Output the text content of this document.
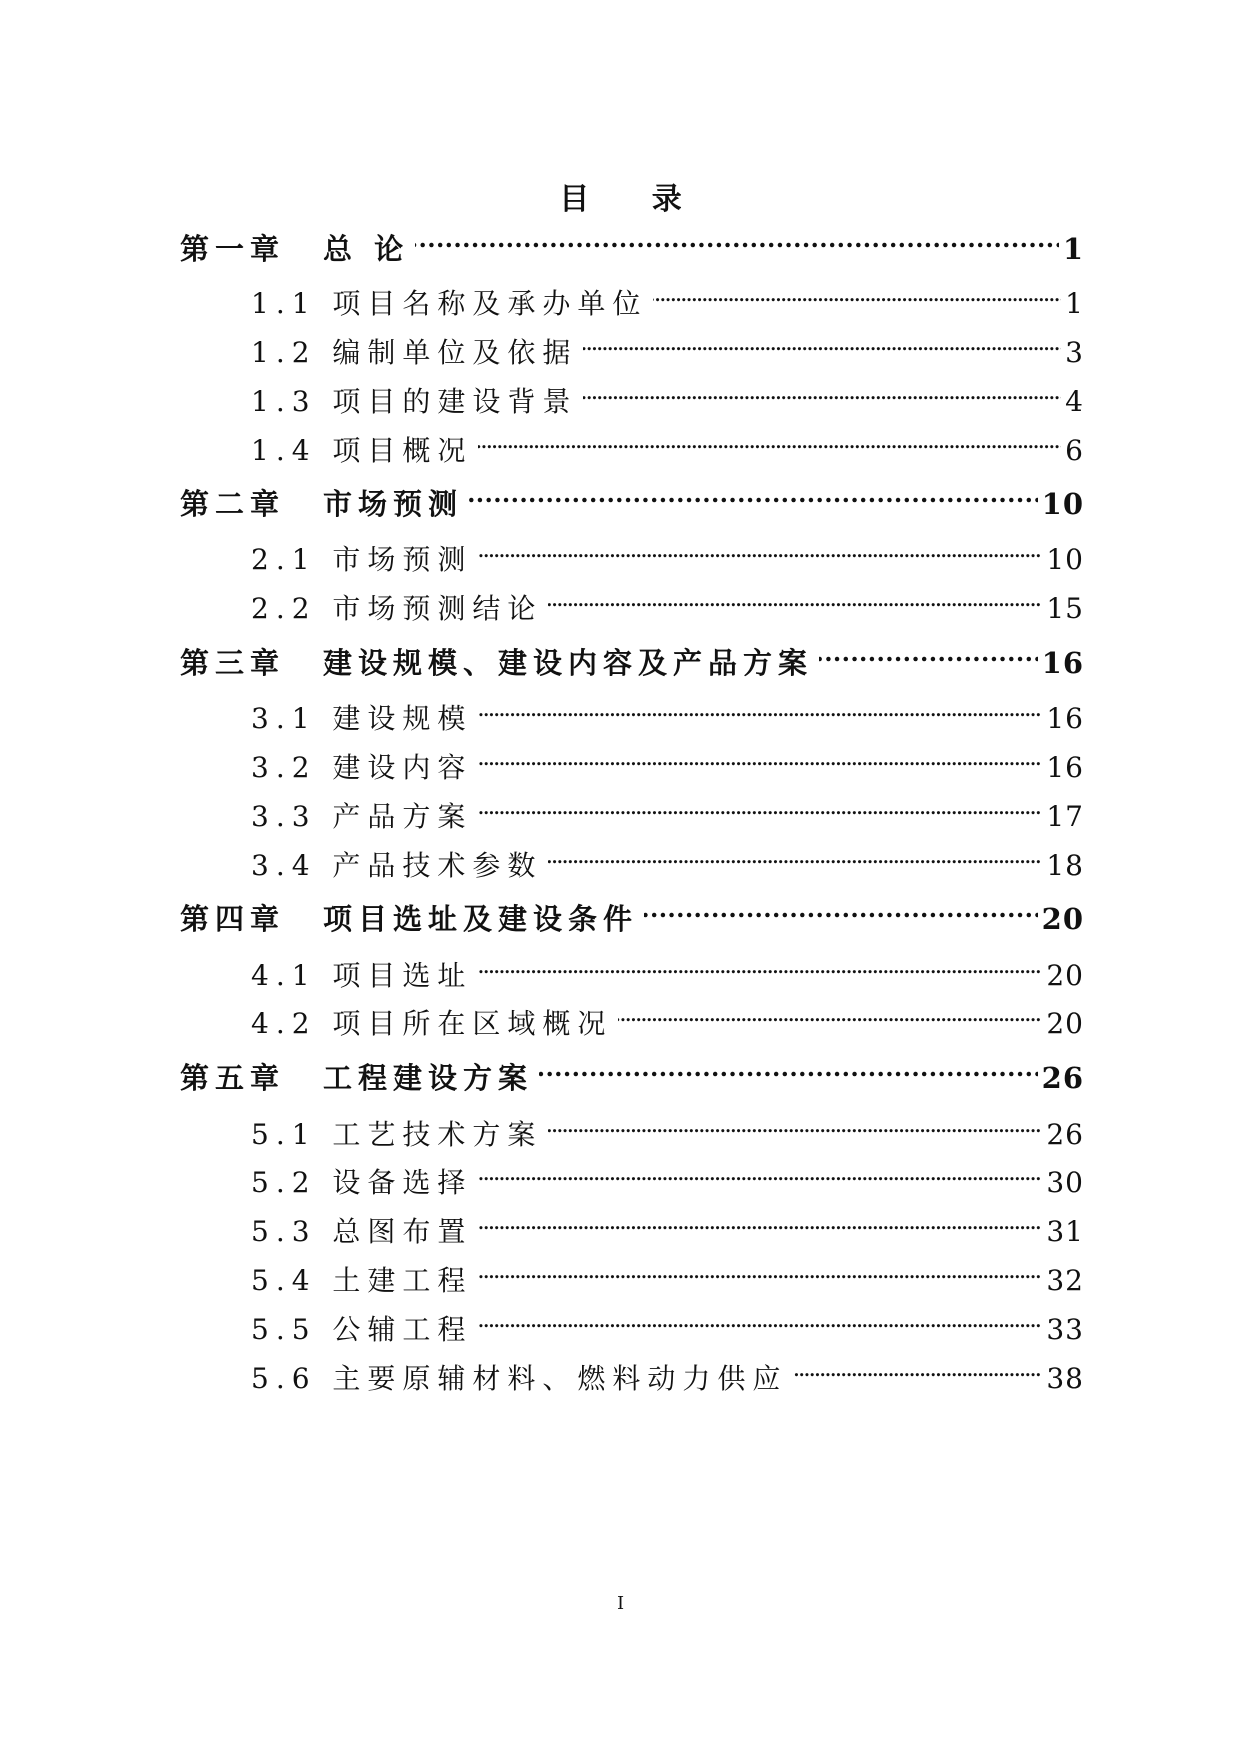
目 录
第一章 总 论 . . .	1
1.1 项目名称及承办单位 . . .	1
1.2 编制单位及依据 . . .	3
1.3 项目的建设背景 . . .	4
1.4 项目概况 . . .	6
第二章 市场预测 . . .	10
2.1 市场预测 . . .	10
2.2 市场预测结论 . . .	15
第三章 建设规模、建设内容及产品方案 . . .	16
3.1 建设规模 . . .	16
3.2 建设内容 . . .	16
3.3 产品方案 . . .	17
3.4 产品技术参数 . . .	18
第四章 项目选址及建设条件 . . .	20
4.1 项目选址 . . .	20
4.2 项目所在区域概况 . . .	20
第五章 工程建设方案 . . .	26
5.1 工艺技术方案 . . .	26
5.2 设备选择 . . .	30
5.3 总图布置 . . .	31
5.4 土建工程 . . .	32
5.5 公辅工程 . . .	33
5.6 主要原辅材料、燃料动力供应 . . .	38
I
